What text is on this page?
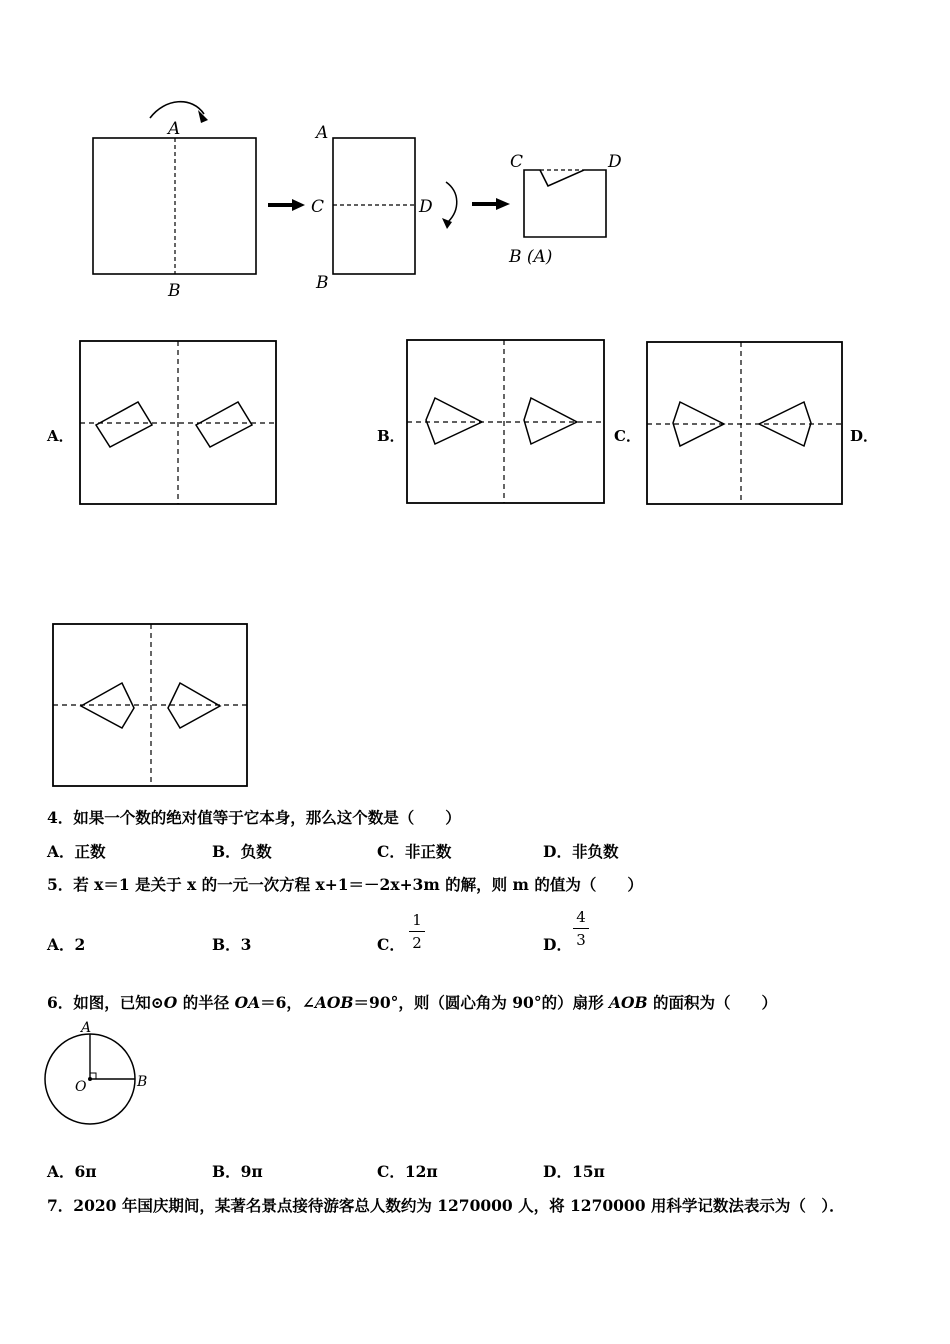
A
B
A
C	D
B
C	D
B (A)
A．	B．	C．	D．
4．如果一个数的绝对值等于它本身，那么这个数是（　　）
A．正数	B．负数	C．非正数	D．非负数
5．若 x＝1 是关于 x 的一元一次方程 x+1＝－2x+3m 的解，则 m 的值为（　　）
A．2	B．3	C．
1
2	D．
4
3
6．如图，已知⊙O 的半径 OA＝6，∠AOB＝90°，则（圆心角为 90°的）扇形 AOB 的面积为（　　）
A
O	B
A．6π	B．9π	C．12π	D．15π
7．2020 年国庆期间，某著名景点接待游客总人数约为 1270000 人，将 1270000 用科学记数法表示为（　）．
